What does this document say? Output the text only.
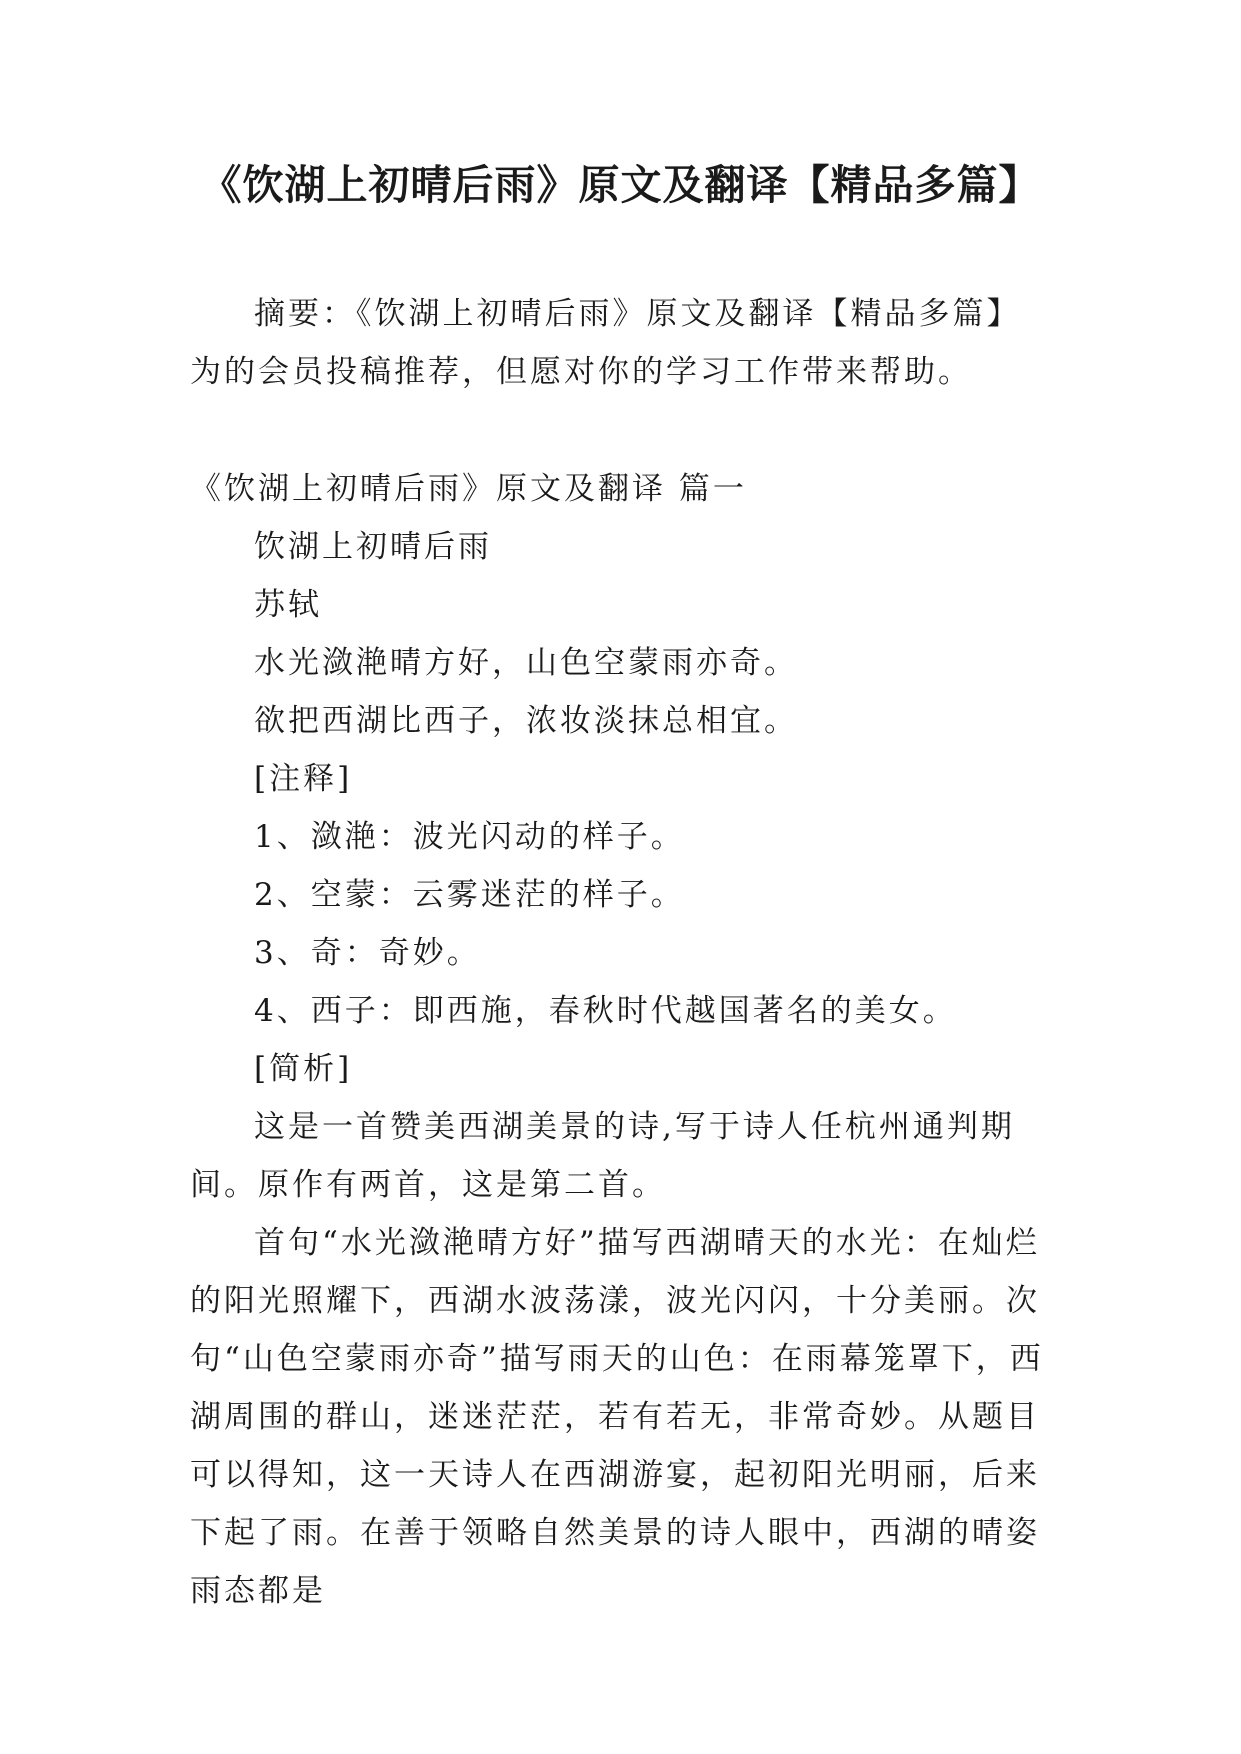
《饮湖上初晴后雨》原文及翻译【精品多篇】

摘要：《饮湖上初晴后雨》原文及翻译【精品多篇】为的会员投稿推荐，但愿对你的学习工作带来帮助。

《饮湖上初晴后雨》原文及翻译 篇一

饮湖上初晴后雨

苏轼

水光潋滟晴方好，山色空蒙雨亦奇。

欲把西湖比西子，浓妆淡抹总相宜。

[注释]

1、潋滟：波光闪动的样子。

2、空蒙：云雾迷茫的样子。

3、奇：奇妙。

4、西子：即西施，春秋时代越国著名的美女。

[简析]

这是一首赞美西湖美景的诗,写于诗人任杭州通判期间。原作有两首，这是第二首。

首句“水光潋滟晴方好”描写西湖晴天的水光：在灿烂的阳光照耀下，西湖水波荡漾，波光闪闪，十分美丽。次句“山色空蒙雨亦奇”描写雨天的山色：在雨幕笼罩下，西湖周围的群山，迷迷茫茫，若有若无，非常奇妙。从题目可以得知，这一天诗人在西湖游宴，起初阳光明丽，后来下起了雨。在善于领略自然美景的诗人眼中，西湖的晴姿雨态都是
